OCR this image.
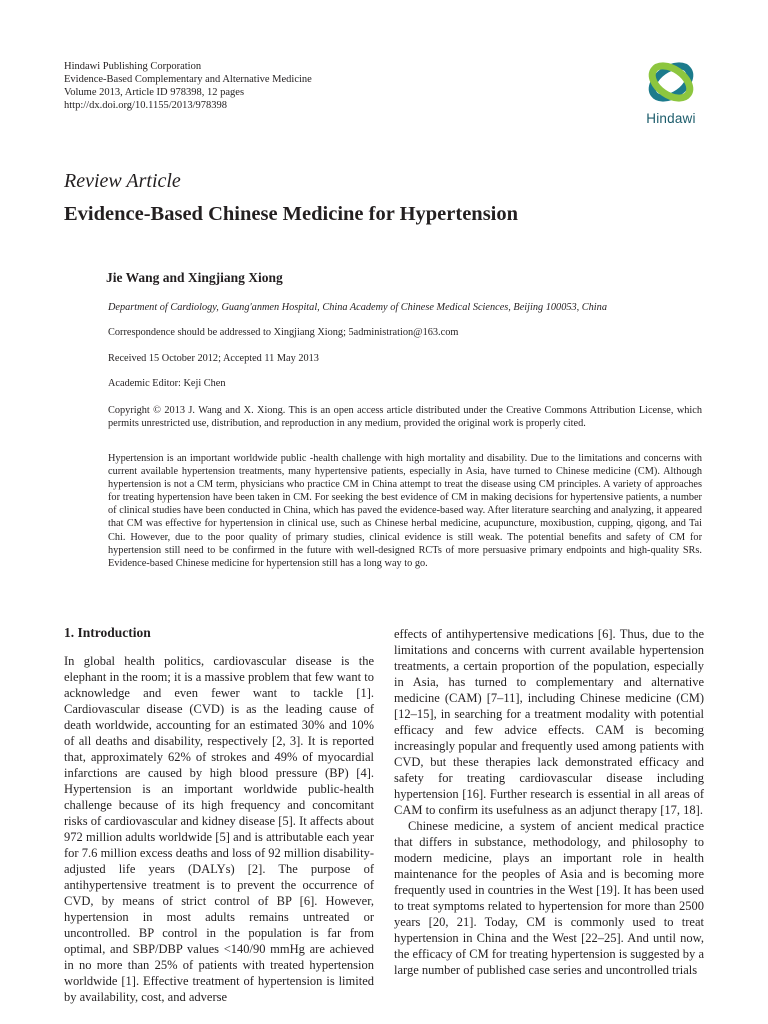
Hindawi Publishing Corporation
Evidence-Based Complementary and Alternative Medicine
Volume 2013, Article ID 978398, 12 pages
http://dx.doi.org/10.1155/2013/978398
Hindawi
Review Article
Evidence-Based Chinese Medicine for Hypertension
Jie Wang and Xingjiang Xiong
Department of Cardiology, Guang'anmen Hospital, China Academy of Chinese Medical Sciences, Beijing 100053, China
Correspondence should be addressed to Xingjiang Xiong; 5administration@163.com
Received 15 October 2012; Accepted 11 May 2013
Academic Editor: Keji Chen
Copyright © 2013 J. Wang and X. Xiong. This is an open access article distributed under the Creative Commons Attribution License, which permits unrestricted use, distribution, and reproduction in any medium, provided the original work is properly cited.
Hypertension is an important worldwide public -health challenge with high mortality and disability. Due to the limitations and concerns with current available hypertension treatments, many hypertensive patients, especially in Asia, have turned to Chinese medicine (CM). Although hypertension is not a CM term, physicians who practice CM in China attempt to treat the disease using CM principles. A variety of approaches for treating hypertension have been taken in CM. For seeking the best evidence of CM in making decisions for hypertensive patients, a number of clinical studies have been conducted in China, which has paved the evidence-based way. After literature searching and analyzing, it appeared that CM was effective for hypertension in clinical use, such as Chinese herbal medicine, acupuncture, moxibustion, cupping, qigong, and Tai Chi. However, due to the poor quality of primary studies, clinical evidence is still weak. The potential benefits and safety of CM for hypertension still need to be confirmed in the future with well-designed RCTs of more persuasive primary endpoints and high-quality SRs. Evidence-based Chinese medicine for hypertension still has a long way to go.
1. Introduction

In global health politics, cardiovascular disease is the elephant in the room; it is a massive problem that few want to acknowledge and even fewer want to tackle [1]. Cardiovascular disease (CVD) is as the leading cause of death worldwide, accounting for an estimated 30% and 10% of all deaths and disability, respectively [2, 3]. It is reported that, approximately 62% of strokes and 49% of myocardial infarctions are caused by high blood pressure (BP) [4]. Hypertension is an important worldwide public-health challenge because of its high frequency and concomitant risks of cardiovascular and kidney disease [5]. It affects about 972 million adults worldwide [5] and is attributable each year for 7.6 million excess deaths and loss of 92 million disability-adjusted life years (DALYs) [2]. The purpose of antihypertensive treatment is to prevent the occurrence of CVD, by means of strict control of BP [6]. However, hypertension in most adults remains untreated or uncontrolled. BP control in the population is far from optimal, and SBP/DBP values <140/90 mmHg are achieved in no more than 25% of patients with treated hypertension worldwide [1]. Effective treatment of hypertension is limited by availability, cost, and adverse

effects of antihypertensive medications [6]. Thus, due to the limitations and concerns with current available hypertension treatments, a certain proportion of the population, especially in Asia, has turned to complementary and alternative medicine (CAM) [7–11], including Chinese medicine (CM) [12–15], in searching for a treatment modality with potential efficacy and few advice effects. CAM is becoming increasingly popular and frequently used among patients with CVD, but these therapies lack demonstrated efficacy and safety for treating cardiovascular disease including hypertension [16]. Further research is essential in all areas of CAM to confirm its usefulness as an adjunct therapy [17, 18].

Chinese medicine, a system of ancient medical practice that differs in substance, methodology, and philosophy to modern medicine, plays an important role in health maintenance for the peoples of Asia and is becoming more frequently used in countries in the West [19]. It has been used to treat symptoms related to hypertension for more than 2500 years [20, 21]. Today, CM is commonly used to treat hypertension in China and the West [22–25]. And until now, the efficacy of CM for treating hypertension is suggested by a large number of published case series and uncontrolled trials
